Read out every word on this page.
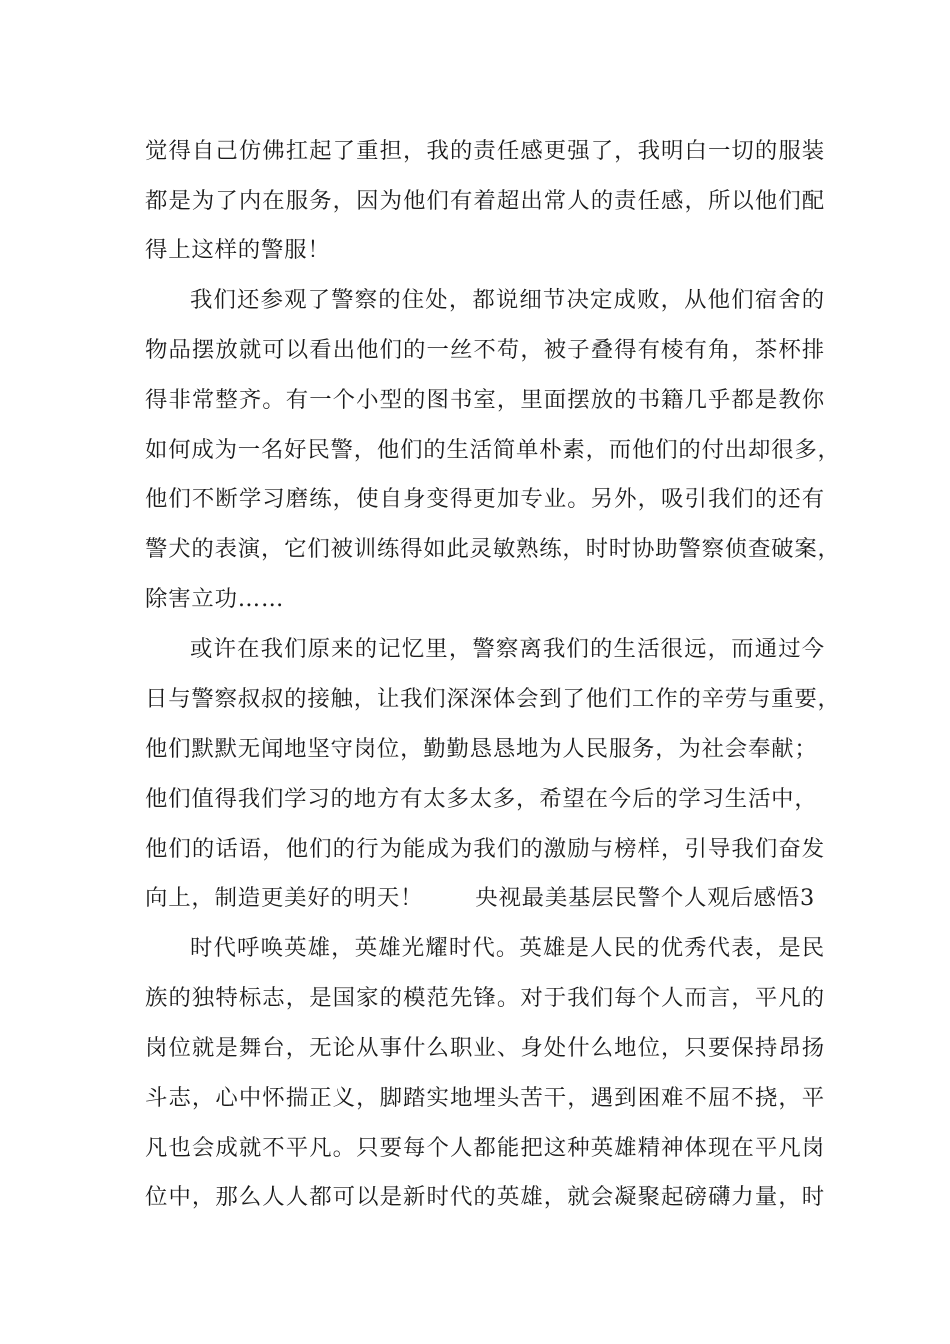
觉得自己仿佛扛起了重担，我的责任感更强了，我明白一切的服装
都是为了内在服务，因为他们有着超出常人的责任感，所以他们配
得上这样的警服！
我们还参观了警察的住处，都说细节决定成败，从他们宿舍的
物品摆放就可以看出他们的一丝不苟，被子叠得有棱有角，茶杯排
得非常整齐。有一个小型的图书室，里面摆放的书籍几乎都是教你
如何成为一名好民警，他们的生活简单朴素，而他们的付出却很多，
他们不断学习磨练，使自身变得更加专业。另外，吸引我们的还有
警犬的表演，它们被训练得如此灵敏熟练，时时协助警察侦查破案，
除害立功……
或许在我们原来的记忆里，警察离我们的生活很远，而通过今
日与警察叔叔的接触，让我们深深体会到了他们工作的辛劳与重要，
他们默默无闻地坚守岗位，勤勤恳恳地为人民服务，为社会奉献；
他们值得我们学习的地方有太多太多，希望在今后的学习生活中，
他们的话语，他们的行为能成为我们的激励与榜样，引导我们奋发
向上，制造更美好的明天！ 央视最美基层民警个人观后感悟3
时代呼唤英雄，英雄光耀时代。英雄是人民的优秀代表，是民
族的独特标志，是国家的模范先锋。对于我们每个人而言，平凡的
岗位就是舞台，无论从事什么职业、身处什么地位，只要保持昂扬
斗志，心中怀揣正义，脚踏实地埋头苦干，遇到困难不屈不挠，平
凡也会成就不平凡。只要每个人都能把这种英雄精神体现在平凡岗
位中，那么人人都可以是新时代的英雄，就会凝聚起磅礴力量，时
